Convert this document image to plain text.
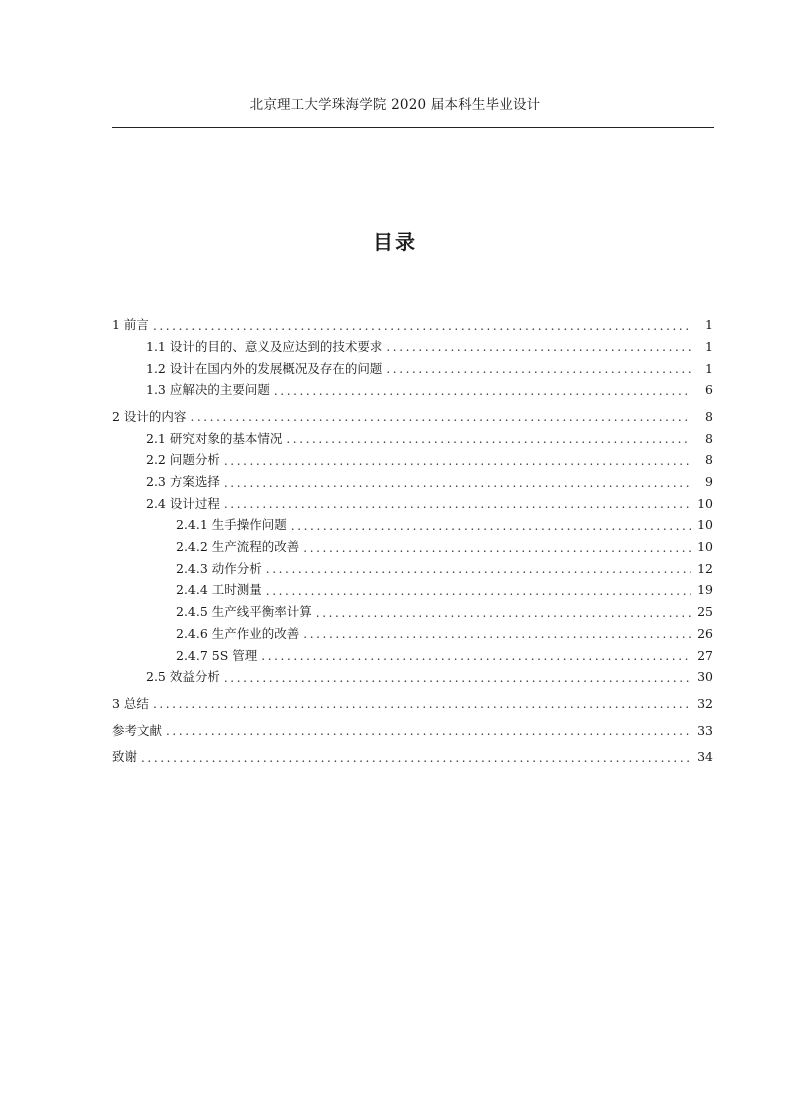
北京理工大学珠海学院 2020 届本科生毕业设计
目录
1 前言 .....	1
1.1 设计的目的、意义及应达到的技术要求 .....	1
1.2 设计在国内外的发展概况及存在的问题 .....	1
1.3 应解决的主要问题 .....	6
2 设计的内容 .....	8
2.1 研究对象的基本情况 .....	8
2.2 问题分析 .....	8
2.3 方案选择 .....	9
2.4 设计过程 .....	10
2.4.1 生手操作问题 .....	10
2.4.2 生产流程的改善 .....	10
2.4.3 动作分析 .....	12
2.4.4 工时测量 .....	19
2.4.5 生产线平衡率计算 .....	25
2.4.6 生产作业的改善 .....	26
2.4.7 5S 管理 .....	27
2.5 效益分析 .....	30
3 总结 .....	32
参考文献 .....	33
致谢 .....	34
